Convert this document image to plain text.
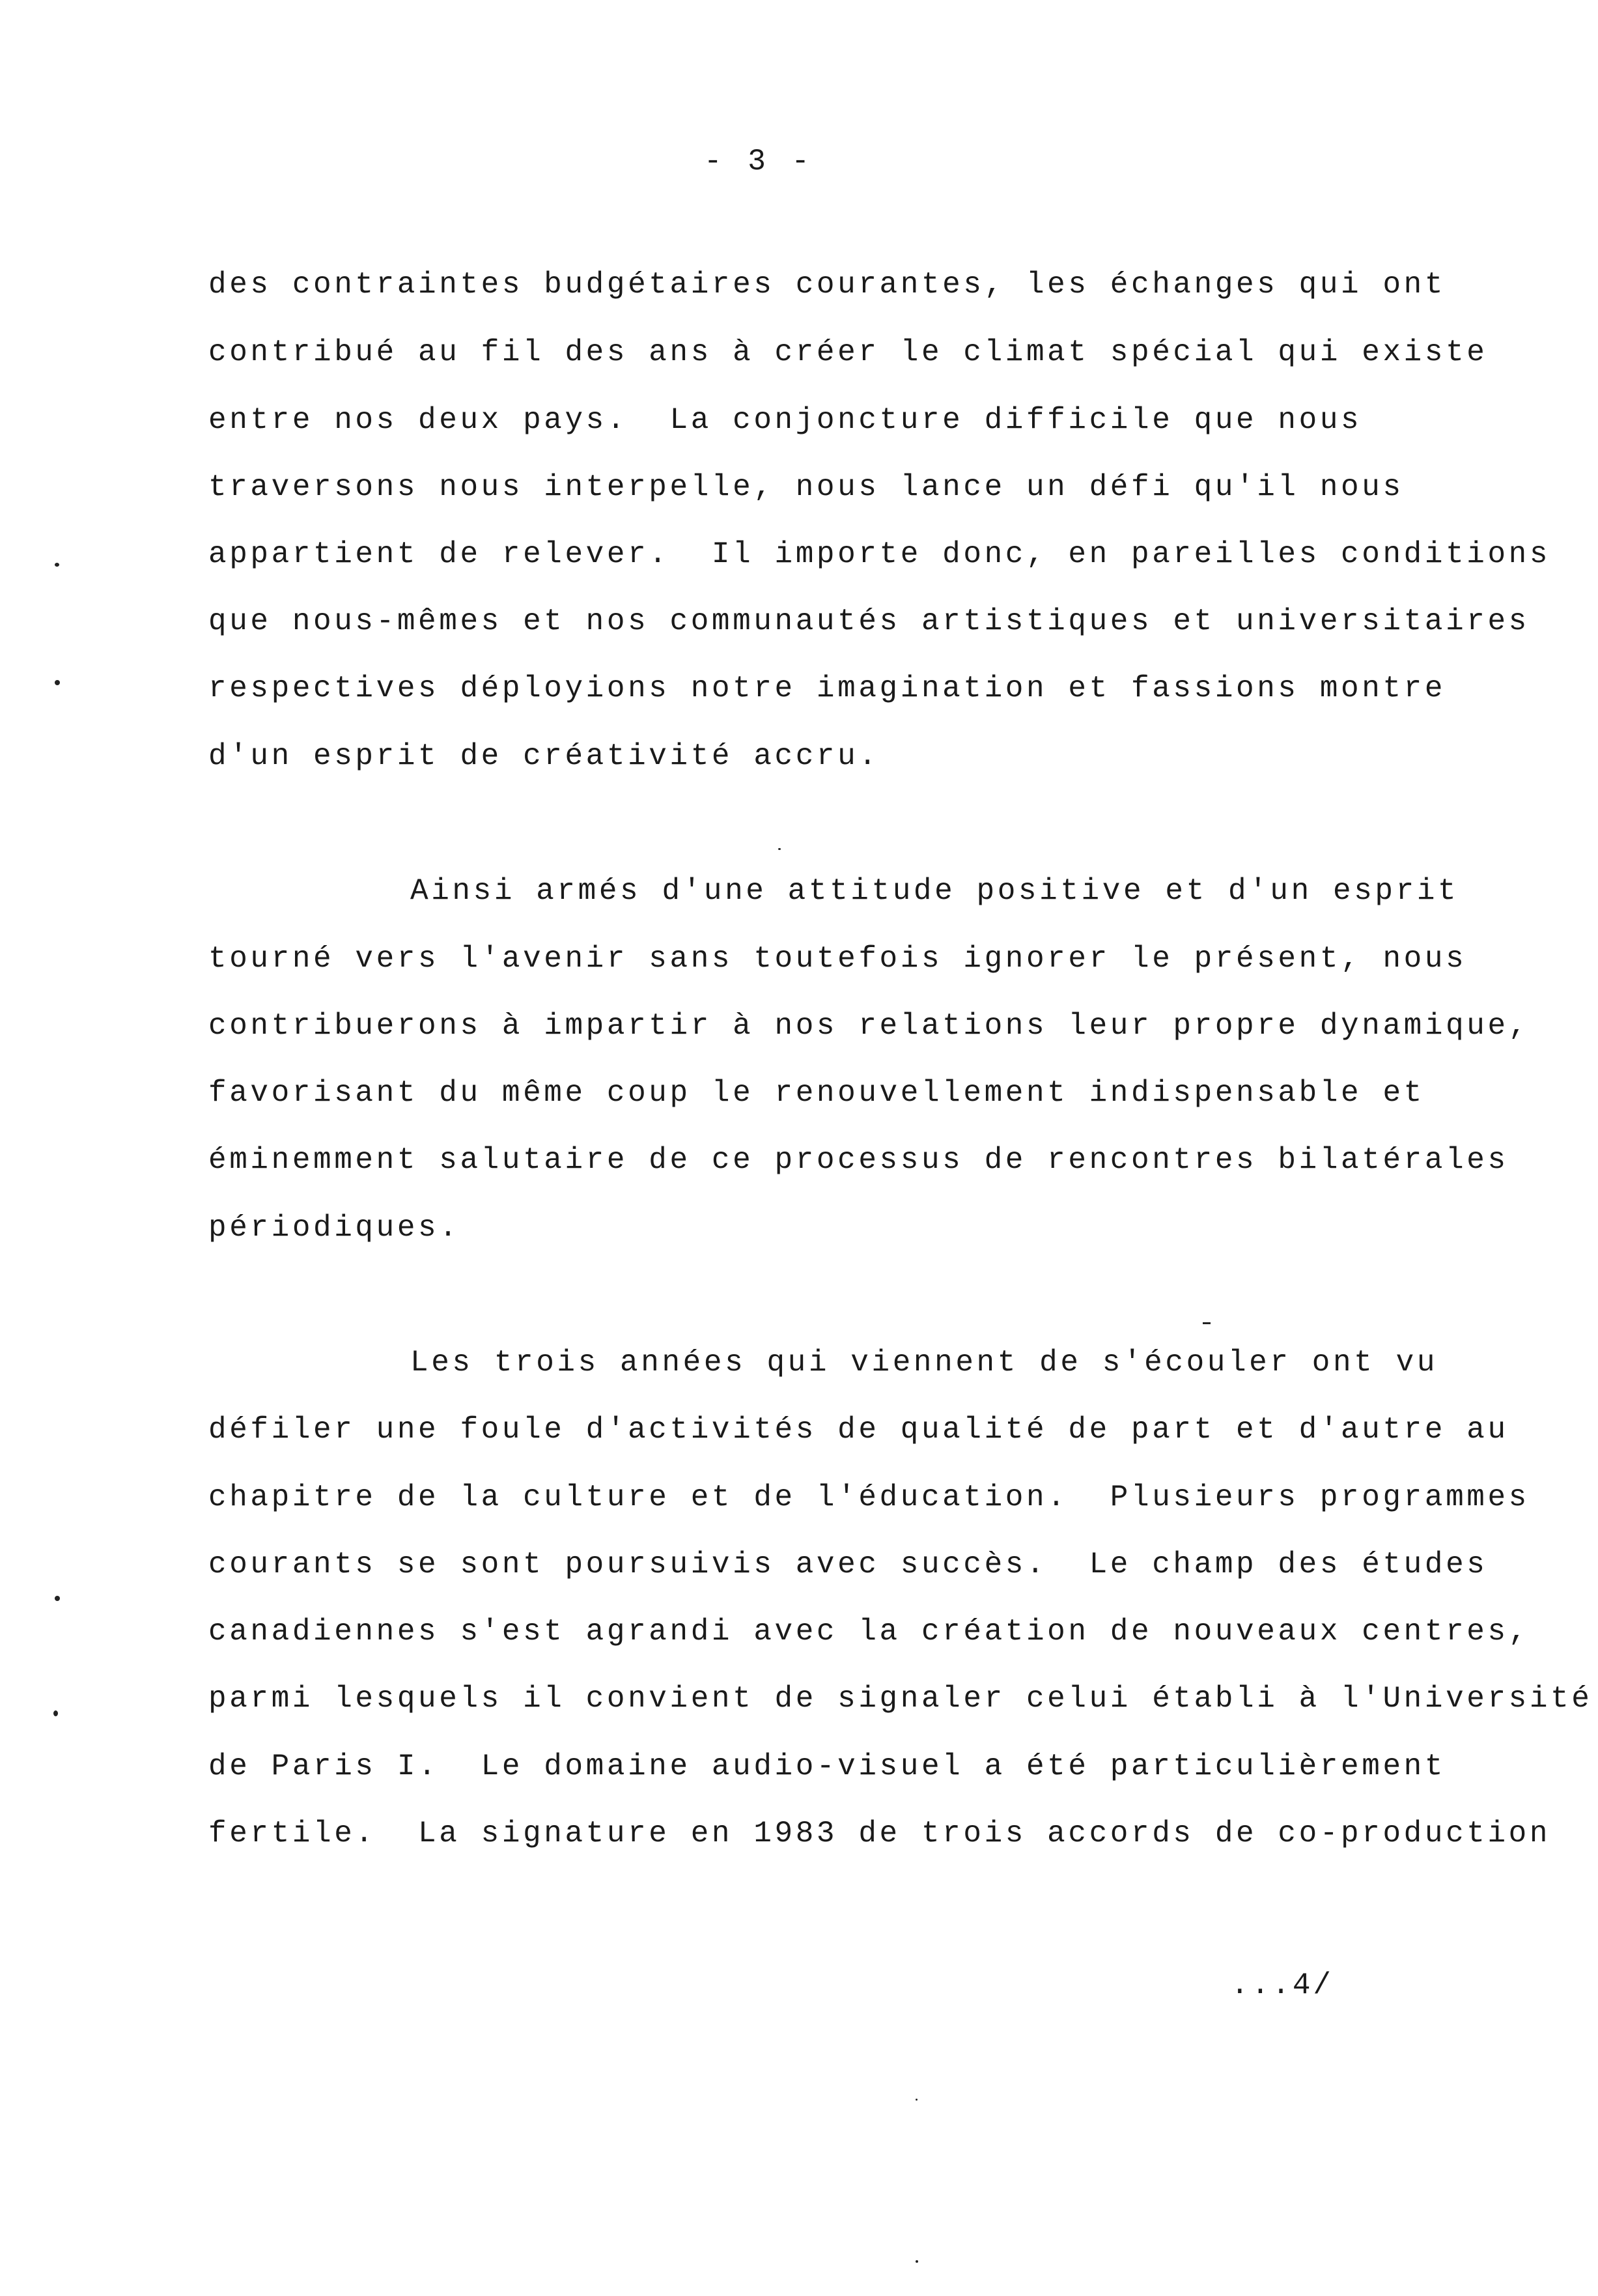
- 3 -
des contraintes budgétaires courantes, les échanges qui ont
contribué au fil des ans à créer le climat spécial qui existe
entre nos deux pays.  La conjoncture difficile que nous
traversons nous interpelle, nous lance un défi qu'il nous
appartient de relever.  Il importe donc, en pareilles conditions
que nous-mêmes et nos communautés artistiques et universitaires
respectives déployions notre imagination et fassions montre
d'un esprit de créativité accru.
Ainsi armés d'une attitude positive et d'un esprit
tourné vers l'avenir sans toutefois ignorer le présent, nous
contribuerons à impartir à nos relations leur propre dynamique,
favorisant du même coup le renouvellement indispensable et
éminemment salutaire de ce processus de rencontres bilatérales
périodiques.
Les trois années qui viennent de s'écouler ont vu
défiler une foule d'activités de qualité de part et d'autre au
chapitre de la culture et de l'éducation.  Plusieurs programmes
courants se sont poursuivis avec succès.  Le champ des études
canadiennes s'est agrandi avec la création de nouveaux centres,
parmi lesquels il convient de signaler celui établi à l'Université
de Paris I.  Le domaine audio-visuel a été particulièrement
fertile.  La signature en 1983 de trois accords de co-production
...4/
